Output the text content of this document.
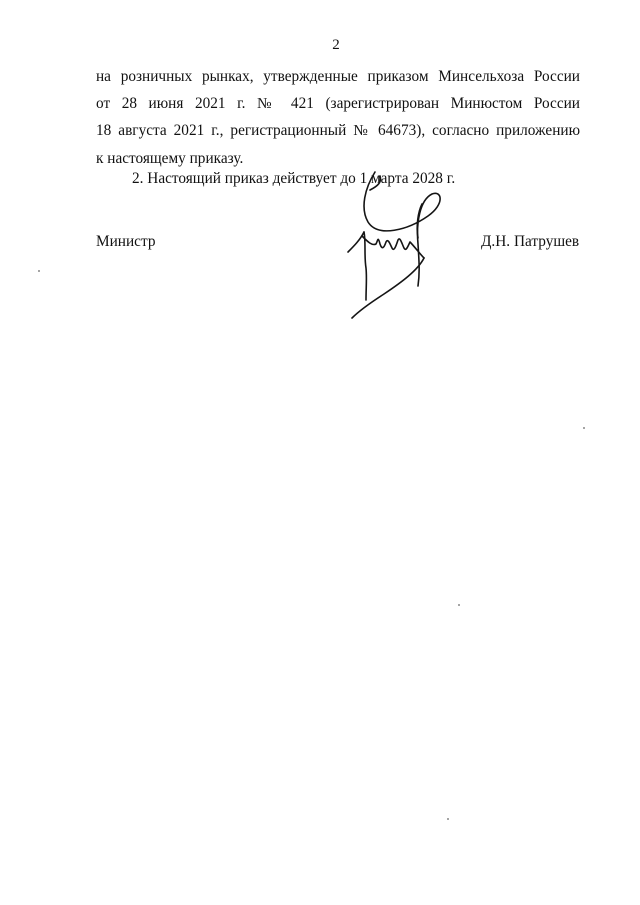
2
на розничных рынках, утвержденные приказом Минсельхоза России
от 28 июня 2021 г. № 421 (зарегистрирован Минюстом России
18 августа 2021 г., регистрационный № 64673), согласно приложению
к настоящему приказу.
2. Настоящий приказ действует до 1 марта 2028 г.
Министр	Д.Н. Патрушев
